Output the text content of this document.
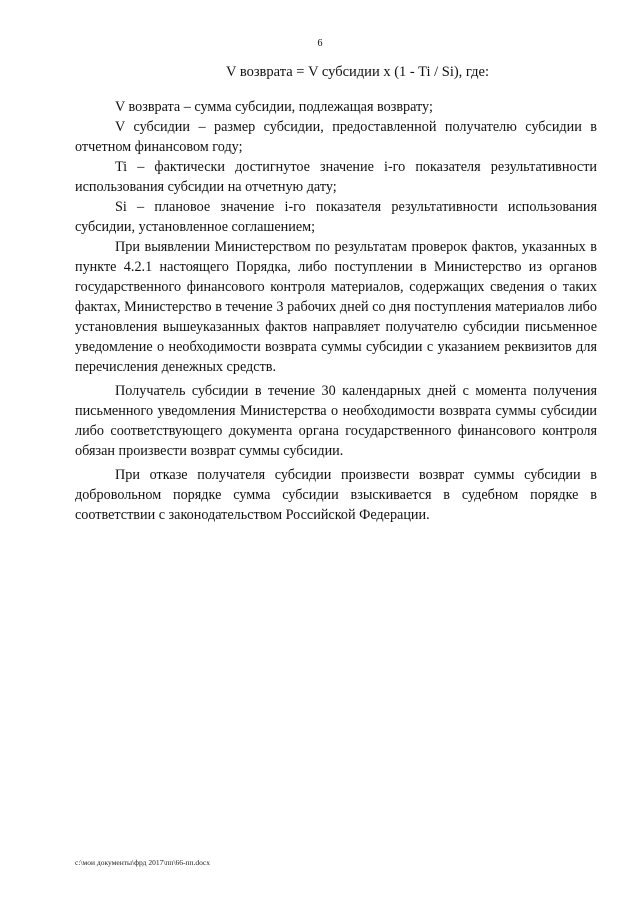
6
V возврата = V субсидии x (1 - Ti / Si), где:

V возврата – сумма субсидии, подлежащая возврату;

V субсидии – размер субсидии, предоставленной получателю субсидии в отчетном финансовом году;

Ti – фактически достигнутое значение i-го показателя результативности использования субсидии на отчетную дату;

Si – плановое значение i-го показателя результативности использования субсидии, установленное соглашением;

При выявлении Министерством по результатам проверок фактов, указанных в пункте 4.2.1 настоящего Порядка, либо поступлении в Министерство из органов государственного финансового контроля материалов, содержащих сведения о таких фактах, Министерство в течение 3 рабочих дней со дня поступления материалов либо установления вышеуказанных фактов направляет получателю субсидии письменное уведомление о необходимости возврата суммы субсидии с указанием реквизитов для перечисления денежных средств.

Получатель субсидии в течение 30 календарных дней с момента получения письменного уведомления Министерства о необходимости возврата суммы субсидии либо соответствующего документа органа государственного финансового контроля обязан произвести возврат суммы субсидии.

При отказе получателя субсидии произвести возврат суммы субсидии в добровольном порядке сумма субсидии взыскивается в судебном порядке в соответствии с законодательством Российской Федерации.

c:\мои документы\фрд 2017\пп\66-пп.docx
